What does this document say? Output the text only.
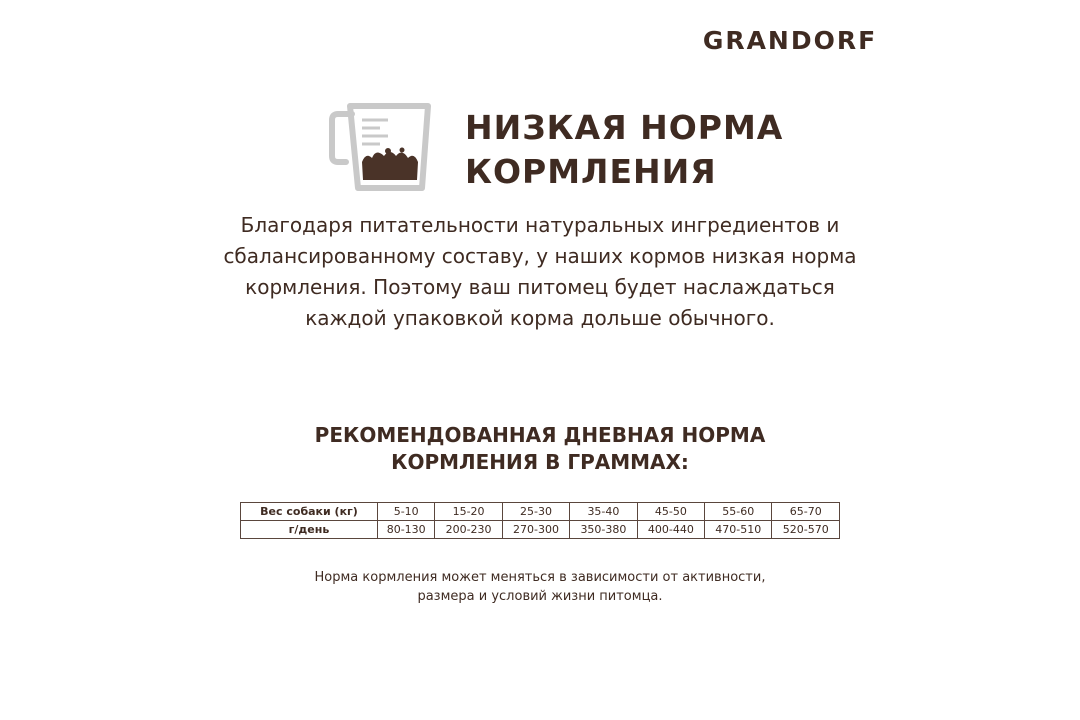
GRANDORF
НИЗКАЯ НОРМА
КОРМЛЕНИЯ
Благодаря питательности натуральных ингредиентов и
сбалансированному составу, у наших кормов низкая норма
кормления. Поэтому ваш питомец будет наслаждаться
каждой упаковкой корма дольше обычного.
РЕКОМЕНДОВАННАЯ ДНЕВНАЯ НОРМА
КОРМЛЕНИЯ В ГРАММАХ:
Вес собаки (кг)	5-10	15-20	25-30	35-40	45-50	55-60	65-70
г/день	80-130	200-230	270-300	350-380	400-440	470-510	520-570
Норма кормления может меняться в зависимости от активности,
размера и условий жизни питомца.
